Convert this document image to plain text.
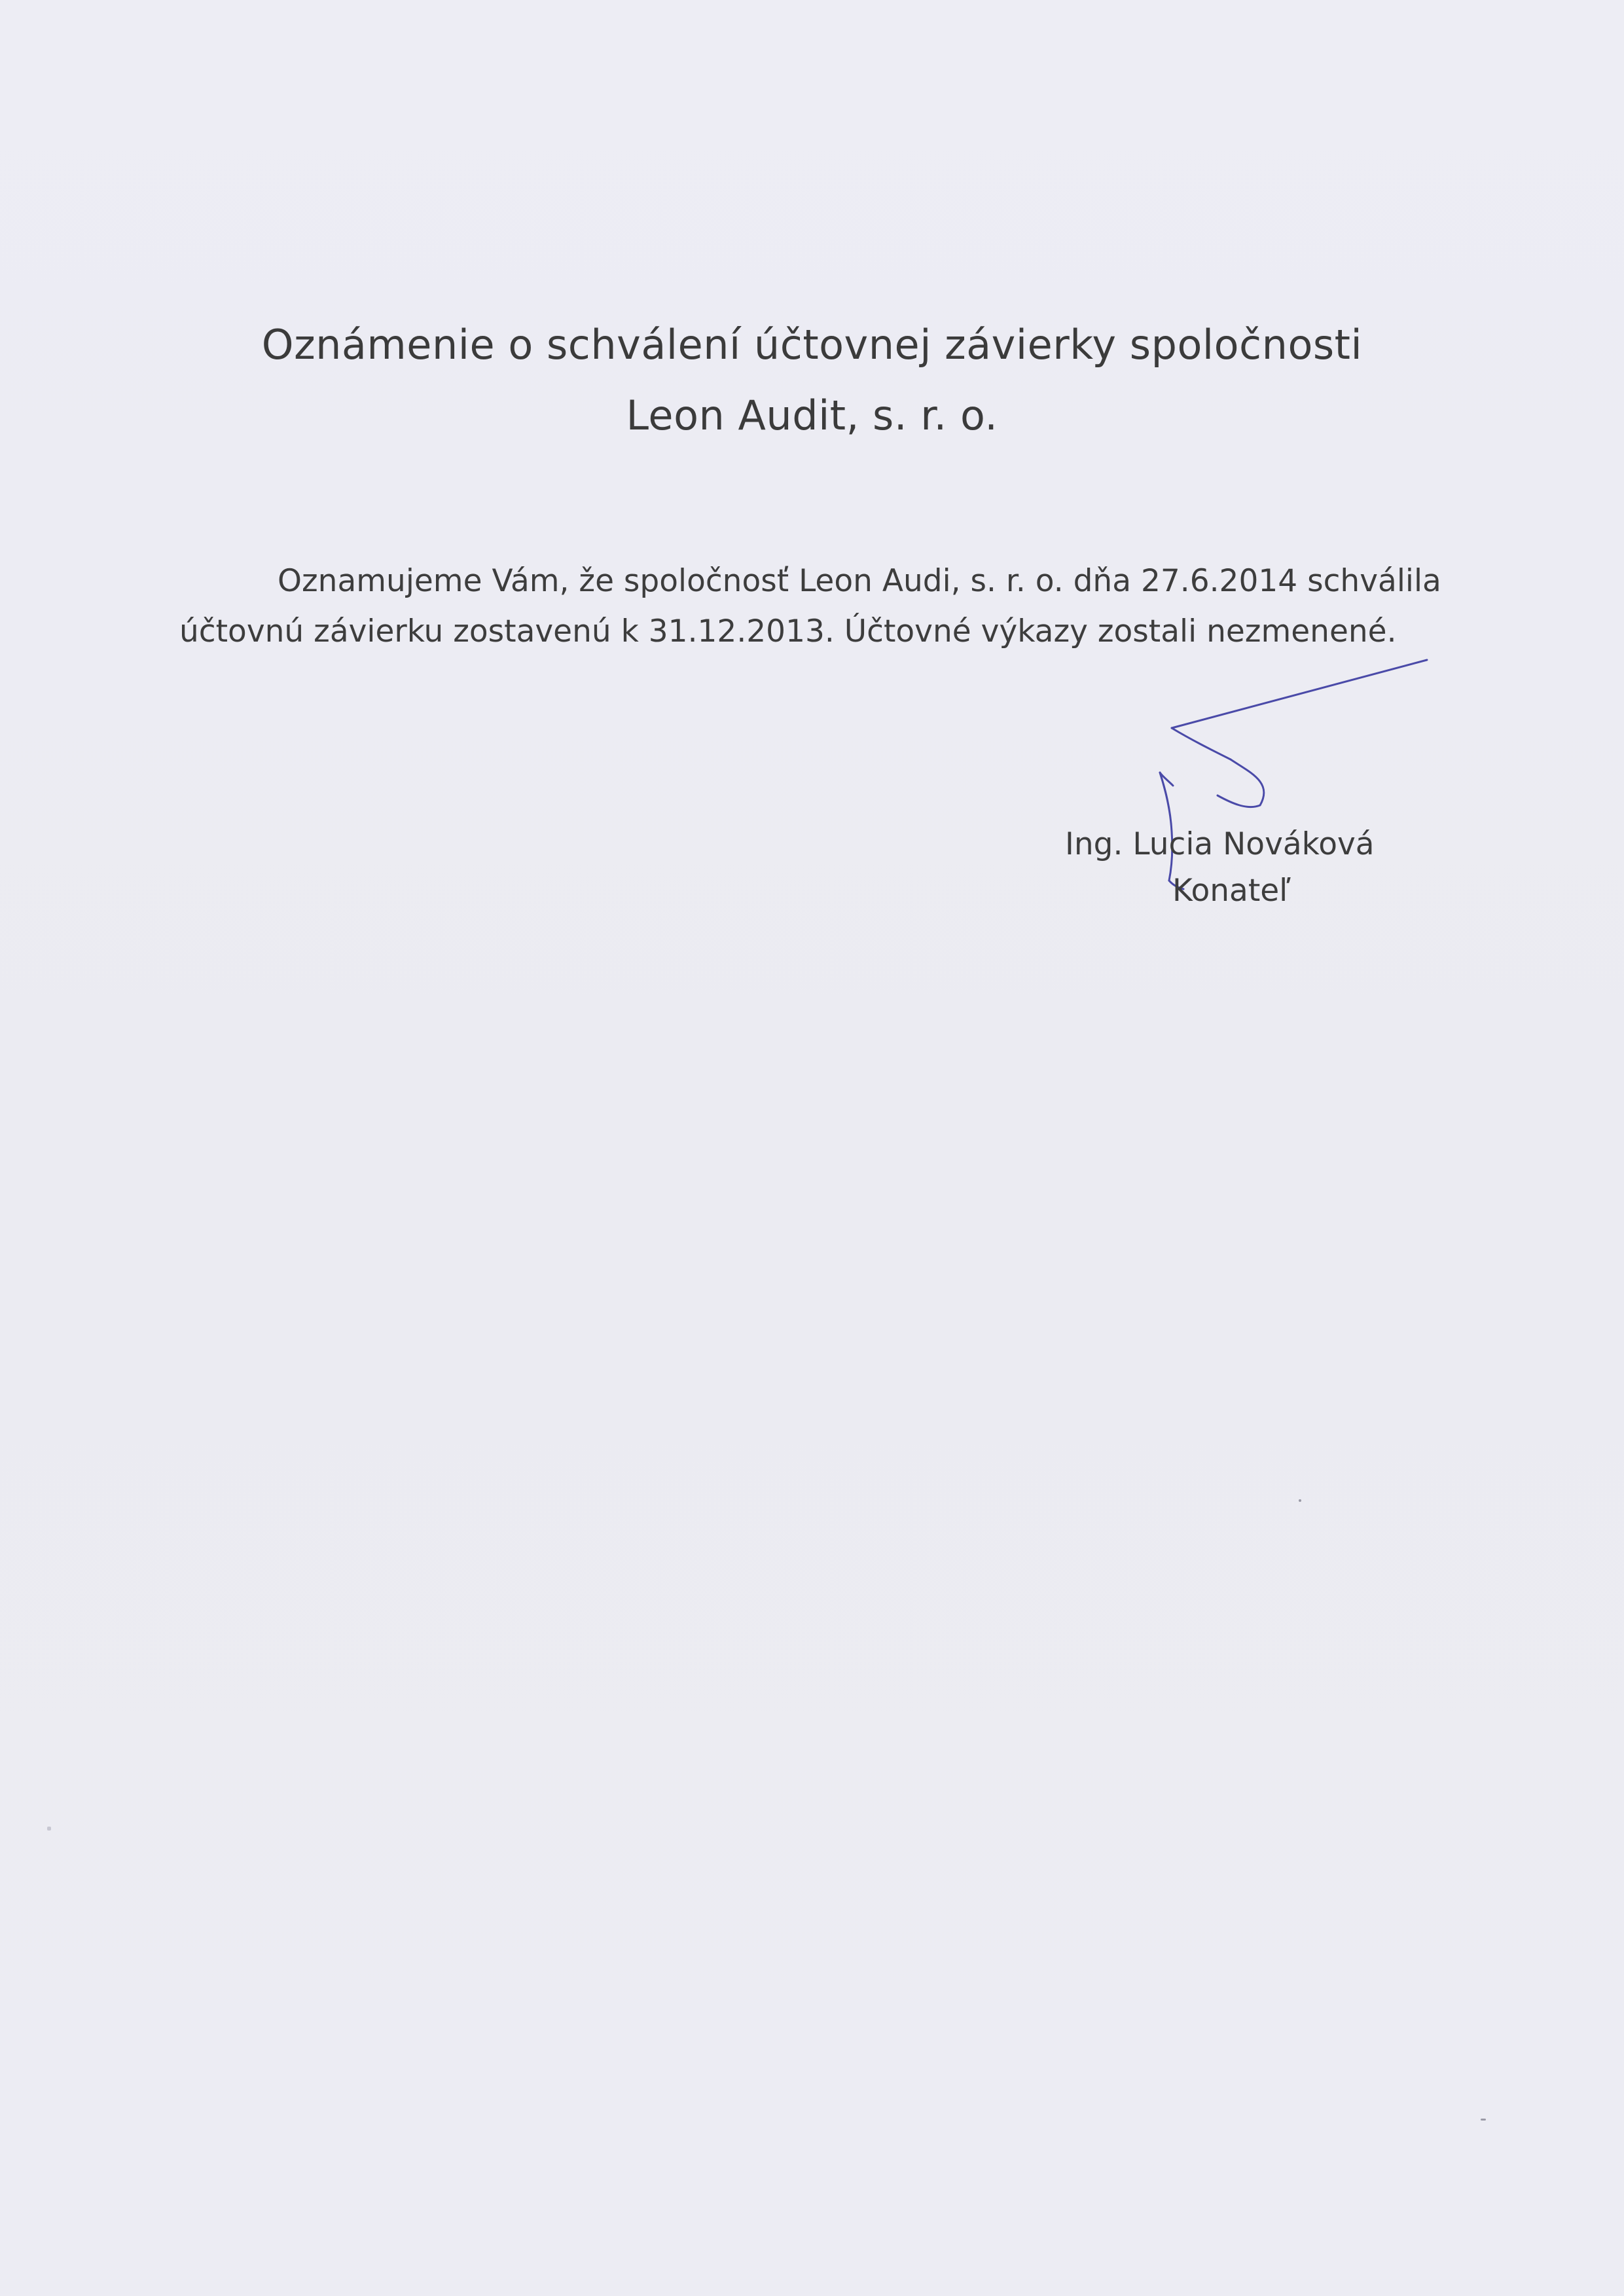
Oznámenie o schválení účtovnej závierky spoločnosti
Leon Audit, s. r. o.
Oznamujeme Vám, že spoločnosť Leon Audi, s. r. o. dňa 27.6.2014 schválila
účtovnú závierku zostavenú k 31.12.2013. Účtovné výkazy zostali nezmenené.
Ing. Lucia Nováková
Konateľ
